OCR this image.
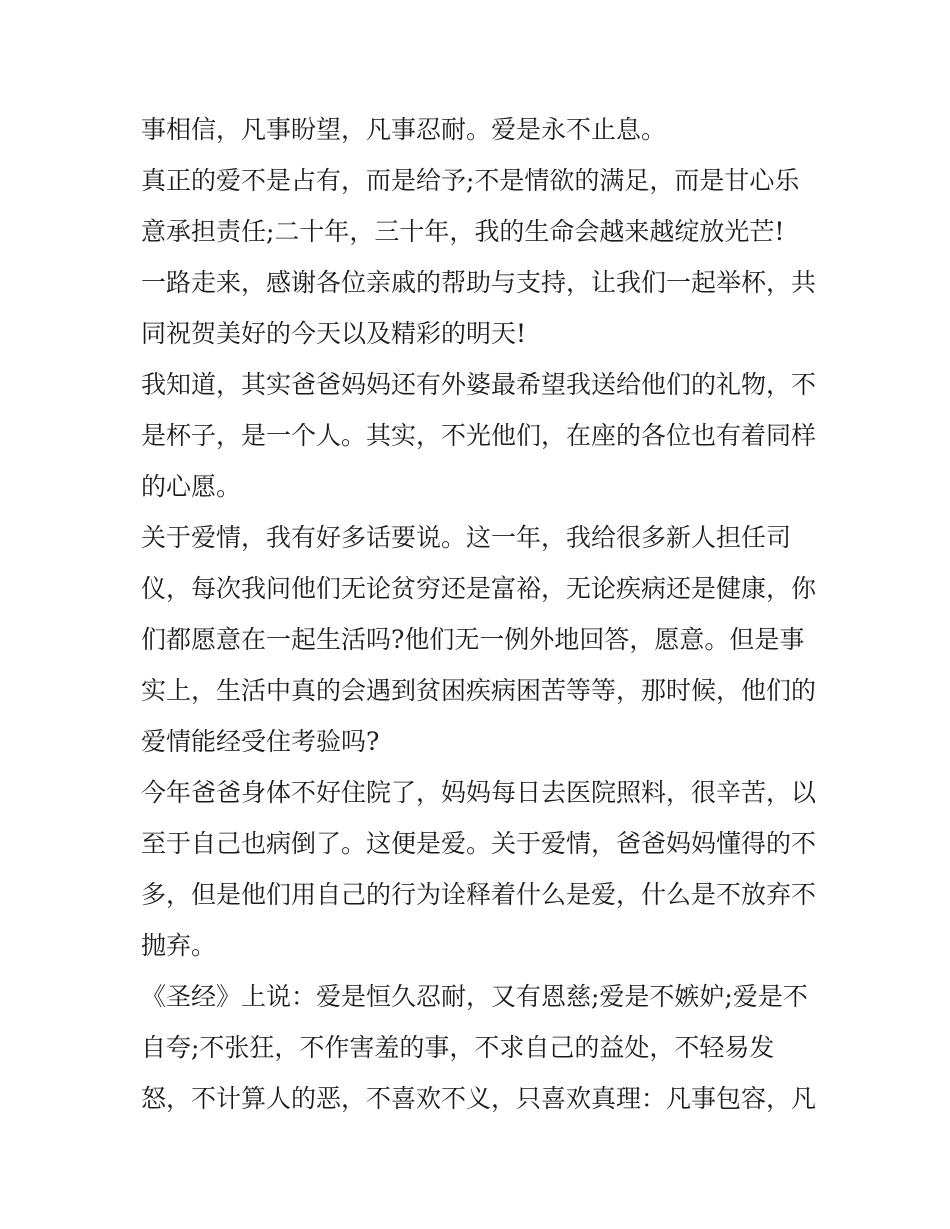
事相信，凡事盼望，凡事忍耐。爱是永不止息。
真正的爱不是占有，而是给予;不是情欲的满足，而是甘心乐
意承担责任;二十年，三十年，我的生命会越来越绽放光芒!
一路走来，感谢各位亲戚的帮助与支持，让我们一起举杯，共
同祝贺美好的今天以及精彩的明天!
我知道，其实爸爸妈妈还有外婆最希望我送给他们的礼物，不
是杯子，是一个人。其实，不光他们，在座的各位也有着同样
的心愿。
关于爱情，我有好多话要说。这一年，我给很多新人担任司
仪，每次我问他们无论贫穷还是富裕，无论疾病还是健康，你
们都愿意在一起生活吗?他们无一例外地回答，愿意。但是事
实上，生活中真的会遇到贫困疾病困苦等等，那时候，他们的
爱情能经受住考验吗?
今年爸爸身体不好住院了，妈妈每日去医院照料，很辛苦，以
至于自己也病倒了。这便是爱。关于爱情，爸爸妈妈懂得的不
多，但是他们用自己的行为诠释着什么是爱，什么是不放弃不
抛弃。
《圣经》上说：爱是恒久忍耐，又有恩慈;爱是不嫉妒;爱是不
自夸;不张狂，不作害羞的事，不求自己的益处，不轻易发
怒，不计算人的恶，不喜欢不义，只喜欢真理：凡事包容，凡
